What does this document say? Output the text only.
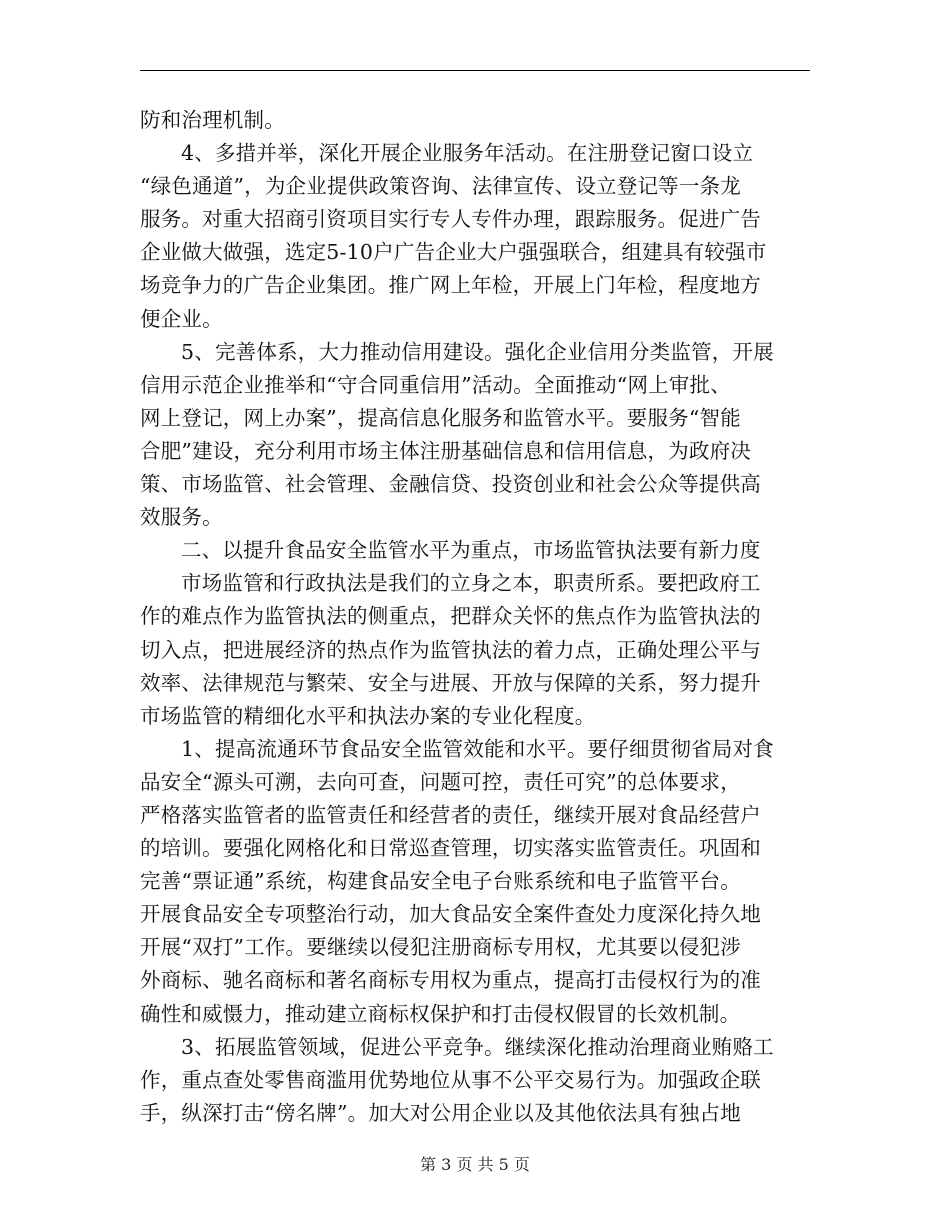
防和治理机制。
4、多措并举，深化开展企业服务年活动。在注册登记窗口设立
“绿色通道”，为企业提供政策咨询、法律宣传、设立登记等一条龙
服务。对重大招商引资项目实行专人专件办理，跟踪服务。促进广告
企业做大做强，选定5-10户广告企业大户强强联合，组建具有较强市
场竞争力的广告企业集团。推广网上年检，开展上门年检，程度地方
便企业。
5、完善体系，大力推动信用建设。强化企业信用分类监管，开展
信用示范企业推举和“守合同重信用”活动。全面推动“网上审批、
网上登记，网上办案”，提高信息化服务和监管水平。要服务“智能
合肥”建设，充分利用市场主体注册基础信息和信用信息，为政府决
策、市场监管、社会管理、金融信贷、投资创业和社会公众等提供高
效服务。
二、以提升食品安全监管水平为重点，市场监管执法要有新力度
市场监管和行政执法是我们的立身之本，职责所系。要把政府工
作的难点作为监管执法的侧重点，把群众关怀的焦点作为监管执法的
切入点，把进展经济的热点作为监管执法的着力点，正确处理公平与
效率、法律规范与繁荣、安全与进展、开放与保障的关系，努力提升
市场监管的精细化水平和执法办案的专业化程度。
1、提高流通环节食品安全监管效能和水平。要仔细贯彻省局对食
品安全“源头可溯，去向可查，问题可控，责任可究”的总体要求，
严格落实监管者的监管责任和经营者的责任，继续开展对食品经营户
的培训。要强化网格化和日常巡查管理，切实落实监管责任。巩固和
完善“票证通”系统，构建食品安全电子台账系统和电子监管平台。
开展食品安全专项整治行动，加大食品安全案件查处力度深化持久地
开展“双打”工作。要继续以侵犯注册商标专用权，尤其要以侵犯涉
外商标、驰名商标和著名商标专用权为重点，提高打击侵权行为的准
确性和威慑力，推动建立商标权保护和打击侵权假冒的长效机制。
3、拓展监管领域，促进公平竞争。继续深化推动治理商业贿赂工
作，重点查处零售商滥用优势地位从事不公平交易行为。加强政企联
手，纵深打击“傍名牌”。加大对公用企业以及其他依法具有独占地
第 3 页 共 5 页
